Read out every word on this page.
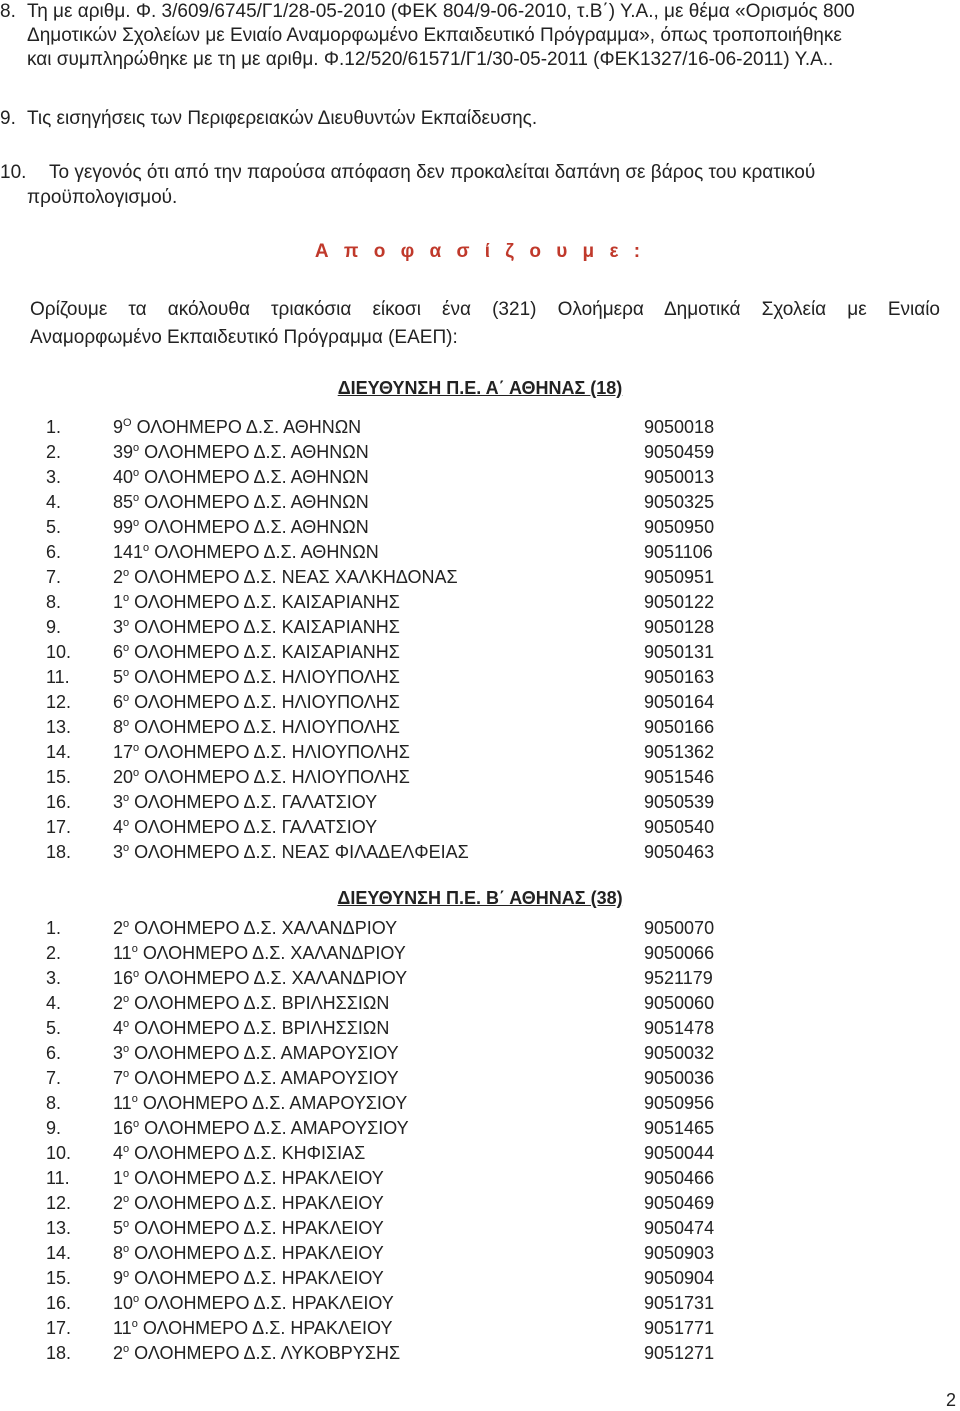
8. Τη με αριθμ. Φ. 3/609/6745/Γ1/28-05-2010 (ΦΕΚ 804/9-06-2010, τ.Β΄) Υ.Α., με θέμα «Ορισμός 800
Δημοτικών Σχολείων με Ενιαίο Αναμορφωμένο Εκπαιδευτικό Πρόγραμμα», όπως τροποποιήθηκε
και συμπληρώθηκε με τη με αριθμ. Φ.12/520/61571/Γ1/30-05-2011 (ΦΕΚ1327/16-06-2011) Υ.Α..
9. Τις εισηγήσεις των Περιφερειακών Διευθυντών Εκπαίδευσης.
10. Το γεγονός ότι από την παρούσα απόφαση δεν προκαλείται δαπάνη σε βάρος του κρατικού
προϋπολογισμού.
Α π ο φ α σ ί ζ ο υ μ ε :
Ορίζουμε τα ακόλουθα τριακόσια είκοσι ένα (321) Ολοήμερα Δημοτικά Σχολεία με Ενιαίο
Αναμορφωμένο Εκπαιδευτικό Πρόγραμμα (ΕΑΕΠ):
ΔΙΕΥΘΥΝΣΗ Π.Ε. Α΄ ΑΘΗΝΑΣ (18)
1.	$9^O$ ΟΛΟΗΜΕΡΟ Δ.Σ. ΑΘΗΝΩΝ	9050018
2.	$39^o$ ΟΛΟΗΜΕΡΟ Δ.Σ. ΑΘΗΝΩΝ	9050459
3.	$40^o$ ΟΛΟΗΜΕΡΟ Δ.Σ. ΑΘΗΝΩΝ	9050013
4.	$85^o$ ΟΛΟΗΜΕΡΟ Δ.Σ. ΑΘΗΝΩΝ	9050325
5.	$99^o$ ΟΛΟΗΜΕΡΟ Δ.Σ. ΑΘΗΝΩΝ	9050950
6.	$141^o$ ΟΛΟΗΜΕΡΟ Δ.Σ. ΑΘΗΝΩΝ	9051106
7.	$2^o$ ΟΛΟΗΜΕΡΟ Δ.Σ. ΝΕΑΣ ΧΑΛΚΗΔΟΝΑΣ	9050951
8.	$1^o$ ΟΛΟΗΜΕΡΟ Δ.Σ. ΚΑΙΣΑΡΙΑΝΗΣ	9050122
9.	$3^o$ ΟΛΟΗΜΕΡΟ Δ.Σ. ΚΑΙΣΑΡΙΑΝΗΣ	9050128
10. $6^o$ ΟΛΟΗΜΕΡΟ Δ.Σ. ΚΑΙΣΑΡΙΑΝΗΣ	9050131
11. $5^o$ ΟΛΟΗΜΕΡΟ Δ.Σ. ΗΛΙΟΥΠΟΛΗΣ	9050163
12. $6^o$ ΟΛΟΗΜΕΡΟ Δ.Σ. ΗΛΙΟΥΠΟΛΗΣ	9050164
13. $8^o$ ΟΛΟΗΜΕΡΟ Δ.Σ. ΗΛΙΟΥΠΟΛΗΣ	9050166
14. $17^o$ ΟΛΟΗΜΕΡΟ Δ.Σ. ΗΛΙΟΥΠΟΛΗΣ	9051362
15. $20^o$ ΟΛΟΗΜΕΡΟ Δ.Σ. ΗΛΙΟΥΠΟΛΗΣ	9051546
16. $3^o$ ΟΛΟΗΜΕΡΟ Δ.Σ. ΓΑΛΑΤΣΙΟΥ	9050539
17. $4^o$ ΟΛΟΗΜΕΡΟ Δ.Σ. ΓΑΛΑΤΣΙΟΥ	9050540
18. $3^o$ ΟΛΟΗΜΕΡΟ Δ.Σ. ΝΕΑΣ ΦΙΛΑΔΕΛΦΕΙΑΣ	9050463
ΔΙΕΥΘΥΝΣΗ Π.Ε. Β΄ ΑΘΗΝΑΣ (38)
1.	$2^o$ ΟΛΟΗΜΕΡΟ Δ.Σ. ΧΑΛΑΝΔΡΙΟΥ	9050070
2.	$11^o$ ΟΛΟΗΜΕΡΟ Δ.Σ. ΧΑΛΑΝΔΡΙΟΥ	9050066
3.	$16^o$ ΟΛΟΗΜΕΡΟ Δ.Σ. ΧΑΛΑΝΔΡΙΟΥ	9521179
4.	$2^o$ ΟΛΟΗΜΕΡΟ Δ.Σ. ΒΡΙΛΗΣΣΙΩΝ	9050060
5.	$4^o$ ΟΛΟΗΜΕΡΟ Δ.Σ. ΒΡΙΛΗΣΣΙΩΝ	9051478
6.	$3^o$ ΟΛΟΗΜΕΡΟ Δ.Σ. ΑΜΑΡΟΥΣΙΟΥ	9050032
7.	$7^o$ ΟΛΟΗΜΕΡΟ Δ.Σ. ΑΜΑΡΟΥΣΙΟΥ	9050036
8.	$11^o$ ΟΛΟΗΜΕΡΟ Δ.Σ. ΑΜΑΡΟΥΣΙΟΥ	9050956
9.	$16^o$ ΟΛΟΗΜΕΡΟ Δ.Σ. ΑΜΑΡΟΥΣΙΟΥ	9051465
10. $4^o$ ΟΛΟΗΜΕΡΟ Δ.Σ. ΚΗΦΙΣΙΑΣ	9050044
11. $1^o$ ΟΛΟΗΜΕΡΟ Δ.Σ. ΗΡΑΚΛΕΙΟΥ	9050466
12. $2^o$ ΟΛΟΗΜΕΡΟ Δ.Σ. ΗΡΑΚΛΕΙΟΥ	9050469
13. $5^o$ ΟΛΟΗΜΕΡΟ Δ.Σ. ΗΡΑΚΛΕΙΟΥ	9050474
14. $8^o$ ΟΛΟΗΜΕΡΟ Δ.Σ. ΗΡΑΚΛΕΙΟΥ	9050903
15. $9^o$ ΟΛΟΗΜΕΡΟ Δ.Σ. ΗΡΑΚΛΕΙΟΥ	9050904
16. $10^o$ ΟΛΟΗΜΕΡΟ Δ.Σ. ΗΡΑΚΛΕΙΟΥ	9051731
17. $11^o$ ΟΛΟΗΜΕΡΟ Δ.Σ. ΗΡΑΚΛΕΙΟΥ	9051771
18. $2^o$ ΟΛΟΗΜΕΡΟ Δ.Σ. ΛΥΚΟΒΡΥΣΗΣ	9051271
2
